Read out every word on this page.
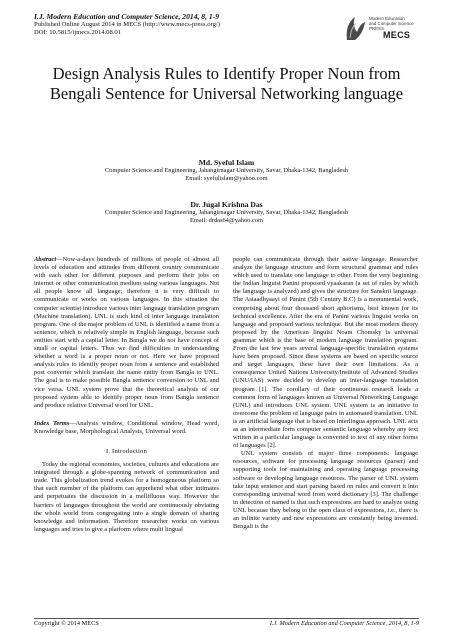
I.J. Modern Education and Computer Science, 2014, 8, 1-9
Published Online August 2014 in MECS (http://www.mecs-press.org/)
DOI: 10.5815/ijmecs.2014.08.01
Modern Education
and Computer Science
PRESS
MECS
Design Analysis Rules to Identify Proper Noun from Bengali Sentence for Universal Networking language
Md. Syeful Islam
Computer Science and Engineering, Jahangirnagar University, Savar, Dhaka-1342, Bangladesh
Email: syefulislam@yahoo.com
Dr. Jugal Krishna Das
Computer Science and Engineering, Jahangirnagar University, Savar, Dhaka-1342, Bangladesh
Email: drdas64@yahoo.com

Abstract—Now-a-days hundreds of millions of people of almost all levels of education and attitudes from different country communicate with each other for different purposes and perform their jobs on internet or other communication medium using various languages. Not all people know all language; therefore it is very difficult to communicate or works on various languages. In this situation the computer scientist introduce various inter language translation program (Machine translation). UNL is such kind of inter language translation program. One of the major problem of UNL is identified a name from a sentence, which is relatively simple in English language, because such entities start with a capital letter. In Bangla we do not have concept of small or capital letters. Thus we find difficulties in understanding whether a word is a proper noun or not. Here we have proposed analysis rules to identify proper noun from a sentence and established post converter which translate the name entity from Bangla to UNL. The goal is to make possible Bangla sentence conversion to UNL and vice versa. UNL system prove that the theoretical analysis of our proposed system able to identify proper noun from Bangla sentence and produce relative Universal word for UNL.

Index Terms—Analysis window, Conditional window, Head word, Knowledge base, Morphological Analysis, Universal word.

I. Introduction

Today the regional economies, societies, cultures and educations are integrated through a globe-spanning network of communication and trade. This globalization trend evokes for a homogeneous platform so that each member of the platform can apprehend what other intimates and perpetuates the discussion in a mellifluous way. However the barriers of languages throughout the world are continuously obviating the whole world from congregating into a single domain of sharing knowledge and information. Therefore researcher works on various languages and tries to give a platform where multi lingual

people can communicate through their native language. Researcher analyze the language structure and form structural grammar and rules which used to translate one language to other. From the very beginning the Indian linguist Panini proposed vyaakaran (a set of rules by which the language is analyzed) and gives the structure for Sanskrit language. The Astaadhyaayi of Panini (5th Century B.C) is a monumental work, comprising about four thousand short aphorisms, best known for its technical excellence. After the era of Panini various linguist works on language and proposed various technique. But the most modern theory proposed by the American linguist Noam Chomsky is universal grammar which is the base of modern language translation program. From the last few years several language-specific translation systems have been proposed. Since these systems are based on specific source and target languages, these have their own limitations. As a consequence United Nations University/Institute of Advanced Studies (UNU/IAS) were decided to develop an inter-language translation program [1]. The corollary of their continuous research leads a common form of languages known as Universal Networking Language (UNL) and introduces UNL system. UNL system is an initiative to overcome the problem of language pairs in automated translation. UNL is an artificial language that is based on Interlingua approach. UNL acts as an intermediate form computer semantic language whereby any text written in a particular language is converted to text of any other forms of languages [2].

UNL system consists of major three components: language resources, software for processing language resources (parser) and supporting tools for maintaining and operating language processing software or developing language resources. The parser of UNL system take input sentence and start parsing based on rules and convert it into corresponding universal word from word dictionary [3]. The challenge in detection of named is that such expressions are hard to analyze using UNL because they belong to the open class of expressions, i.e., there is an infinite variety and new expressions are constantly being invented. Bengali is the

Copyright © 2014 MECS	I.J. Modern Education and Computer Science, 2014, 8, 1-9
